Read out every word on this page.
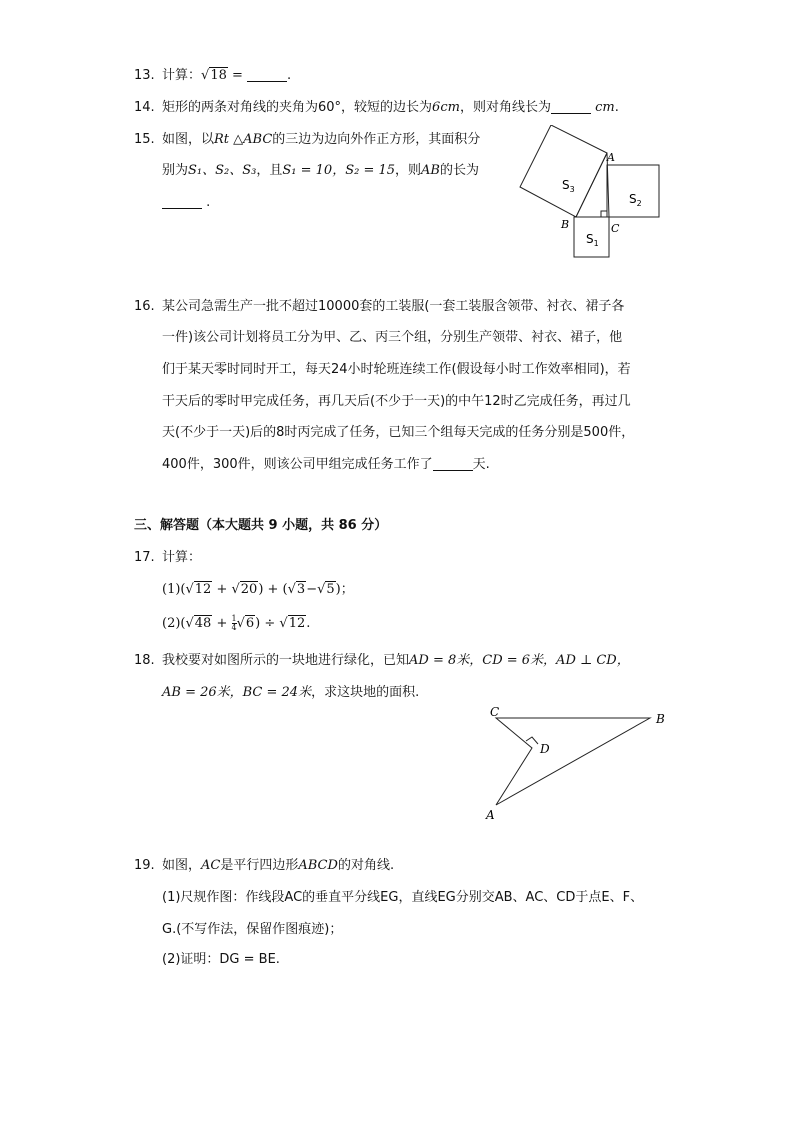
13. 计算：√18 =	.
14. 矩形的两条对角线的夹角为60°，较短的边长为6cm，则对角线长为	cm.
15. 如图，以Rt △ABC的三边为边向外作正方形，其面积分
别为S₁、S₂、S₃，且S₁ = 10，S₂ = 15，则AB的长为
.
$S_3$
$S_2$
$S_1$
A
B	C
16. 某公司急需生产一批不超过10000套的工装服(一套工装服含领带、衬衣、裙子各
一件)该公司计划将员工分为甲、乙、丙三个组，分别生产领带、衬衣、裙子，他
们于某天零时同时开工，每天24小时轮班连续工作(假设每小时工作效率相同)，若
干天后的零时甲完成任务，再几天后(不少于一天)的中午12时乙完成任务，再过几
天(不少于一天)后的8时丙完成了任务，已知三个组每天完成的任务分别是500件，
400件，300件，则该公司甲组完成任务工作了	天.
三、解答题（本大题共 9 小题，共 86 分）
17. 计算：
(1)(√12 + √20) + (√3−√5)；
$(2)(√48 + \frac{1}{4} √6) \div √12$.
18. 我校要对如图所示的一块地进行绿化，已知AD = 8米，CD = 6米，AD ⊥ CD，
AB = 26米，BC = 24米，求这块地的面积.
C	B
D
A
19. 如图，AC是平行四边形ABCD的对角线.
(1)尺规作图：作线段AC的垂直平分线EG，直线EG分别交AB、AC、CD于点E、F、
G.(不写作法，保留作图痕迹)；
(2)证明：DG = BE.
